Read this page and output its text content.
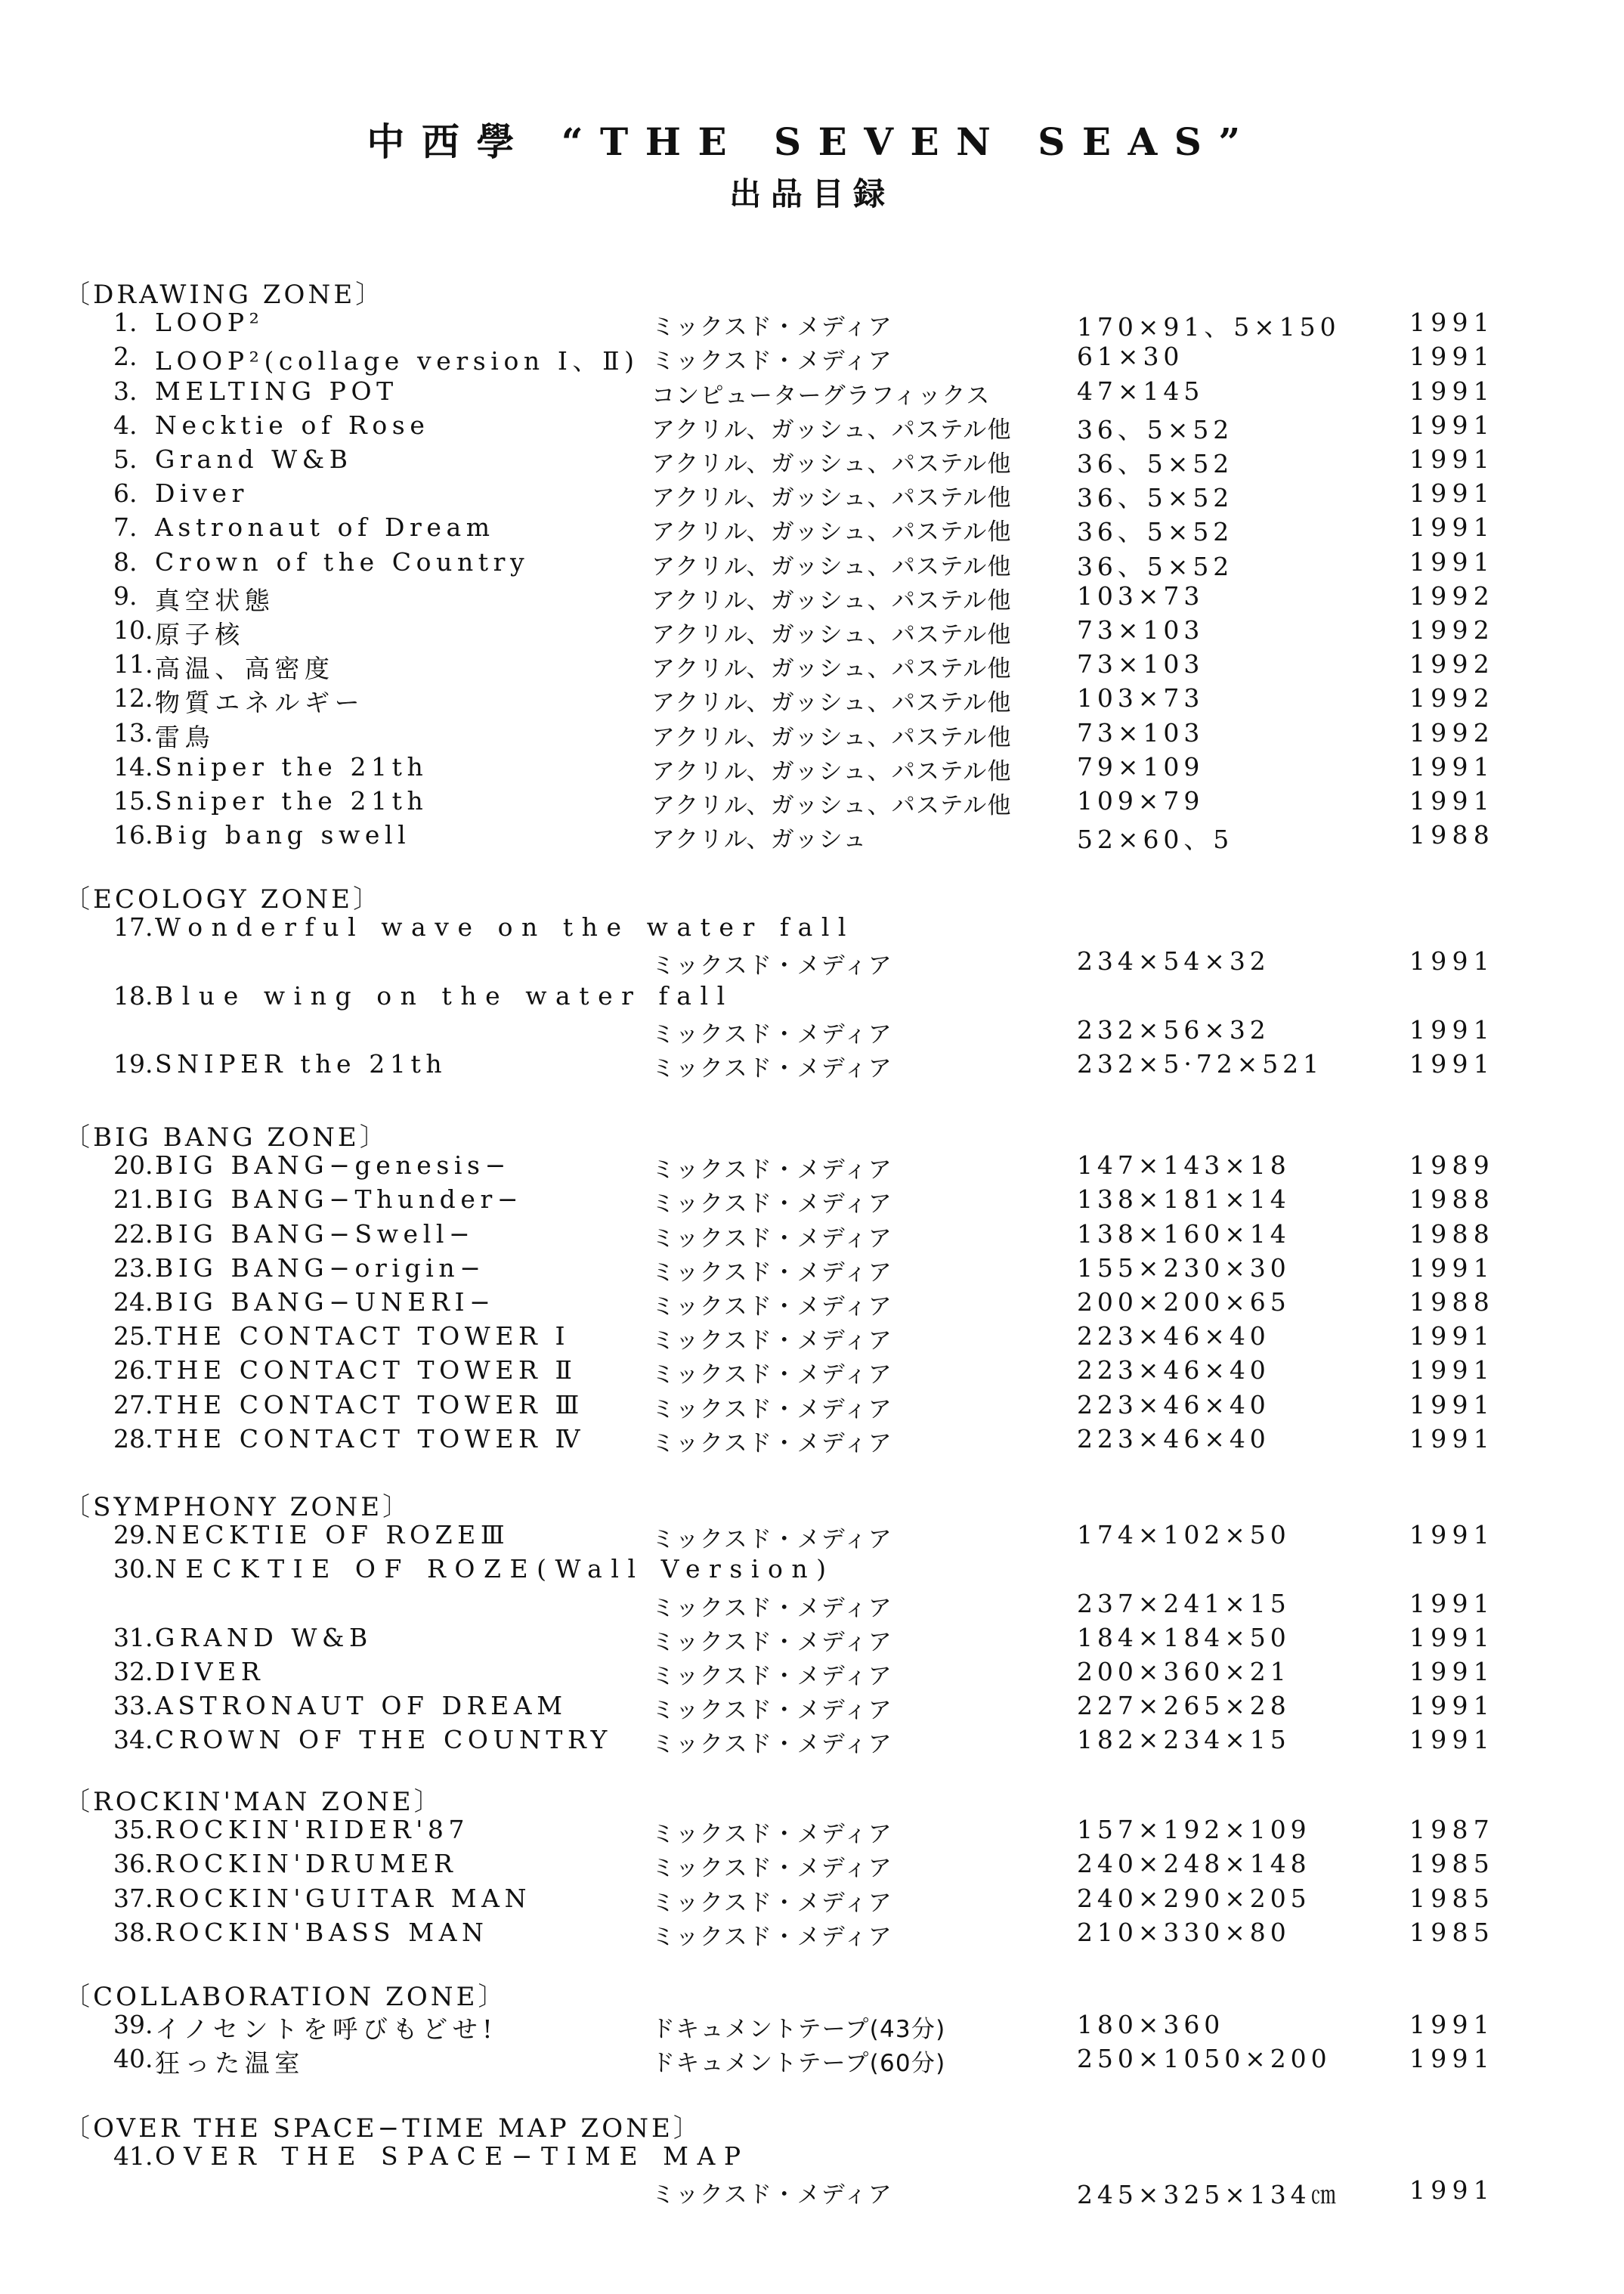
中西學 “THE SEVEN SEAS”
出品目録
〔DRAWING ZONE〕
1. LOOP²	ミックスド・メディア	170×91、5×150	1991
2. LOOP²(collage version Ⅰ、Ⅱ) ミックスド・メディア	61×30	1991
3. MELTING POT	コンピューターグラフィックス	47×145	1991
4. Necktie of Rose	アクリル、ガッシュ、パステル他	36、5×52	1991
5. Grand W&B	アクリル、ガッシュ、パステル他	36、5×52	1991
6. Diver	アクリル、ガッシュ、パステル他	36、5×52	1991
7. Astronaut of Dream	アクリル、ガッシュ、パステル他	36、5×52	1991
8. Crown of the Country	アクリル、ガッシュ、パステル他	36、5×52	1991
9. 真空状態	アクリル、ガッシュ、パステル他	103×73	1992
10. 原子核	アクリル、ガッシュ、パステル他	73×103	1992
11. 高温、高密度	アクリル、ガッシュ、パステル他	73×103	1992
12. 物質エネルギー	アクリル、ガッシュ、パステル他	103×73	1992
13. 雷鳥	アクリル、ガッシュ、パステル他	73×103	1992
14. Sniper the 21th	アクリル、ガッシュ、パステル他	79×109	1991
15. Sniper the 21th	アクリル、ガッシュ、パステル他	109×79	1991
16. Big bang swell	アクリル、ガッシュ	52×60、5	1988
〔ECOLOGY ZONE〕
17. Wonderful wave on the water fall
ミックスド・メディア	234×54×32	1991
18. Blue wing on the water fall
ミックスド・メディア	232×56×32	1991
19. SNIPER the 21th	ミックスド・メディア	232×5·72×521	1991
〔BIG BANG ZONE〕
20. BIG BANG−genesis−	ミックスド・メディア	147×143×18	1989
21. BIG BANG−Thunder−	ミックスド・メディア	138×181×14	1988
22. BIG BANG−Swell−	ミックスド・メディア	138×160×14	1988
23. BIG BANG−origin−	ミックスド・メディア	155×230×30	1991
24. BIG BANG−UNERI−	ミックスド・メディア	200×200×65	1988
25. THE CONTACT TOWER Ⅰ	ミックスド・メディア	223×46×40	1991
26. THE CONTACT TOWER Ⅱ	ミックスド・メディア	223×46×40	1991
27. THE CONTACT TOWER Ⅲ	ミックスド・メディア	223×46×40	1991
28. THE CONTACT TOWER Ⅳ	ミックスド・メディア	223×46×40	1991
〔SYMPHONY ZONE〕
29. NECKTIE OF ROZEⅢ	ミックスド・メディア	174×102×50	1991
30. NECKTIE OF ROZE(Wall Version)
ミックスド・メディア	237×241×15	1991
31. GRAND W&B	ミックスド・メディア	184×184×50	1991
32. DIVER	ミックスド・メディア	200×360×21	1991
33. ASTRONAUT OF DREAM	ミックスド・メディア	227×265×28	1991
34. CROWN OF THE COUNTRY ミックスド・メディア	182×234×15	1991
〔ROCKIN'MAN ZONE〕
35. ROCKIN'RIDER'87	ミックスド・メディア	157×192×109	1987
36. ROCKIN'DRUMER	ミックスド・メディア	240×248×148	1985
37. ROCKIN'GUITAR MAN	ミックスド・メディア	240×290×205	1985
38. ROCKIN'BASS MAN	ミックスド・メディア	210×330×80	1985
〔COLLABORATION ZONE〕
39. イノセントを呼びもどせ!	ドキュメントテープ(43分)	180×360	1991
40. 狂った温室	ドキュメントテープ(60分)	250×1050×200	1991
〔OVER THE SPACE−TIME MAP ZONE〕
41. OVER THE SPACE−TIME MAP
ミックスド・メディア	245×325×134㎝	1991
